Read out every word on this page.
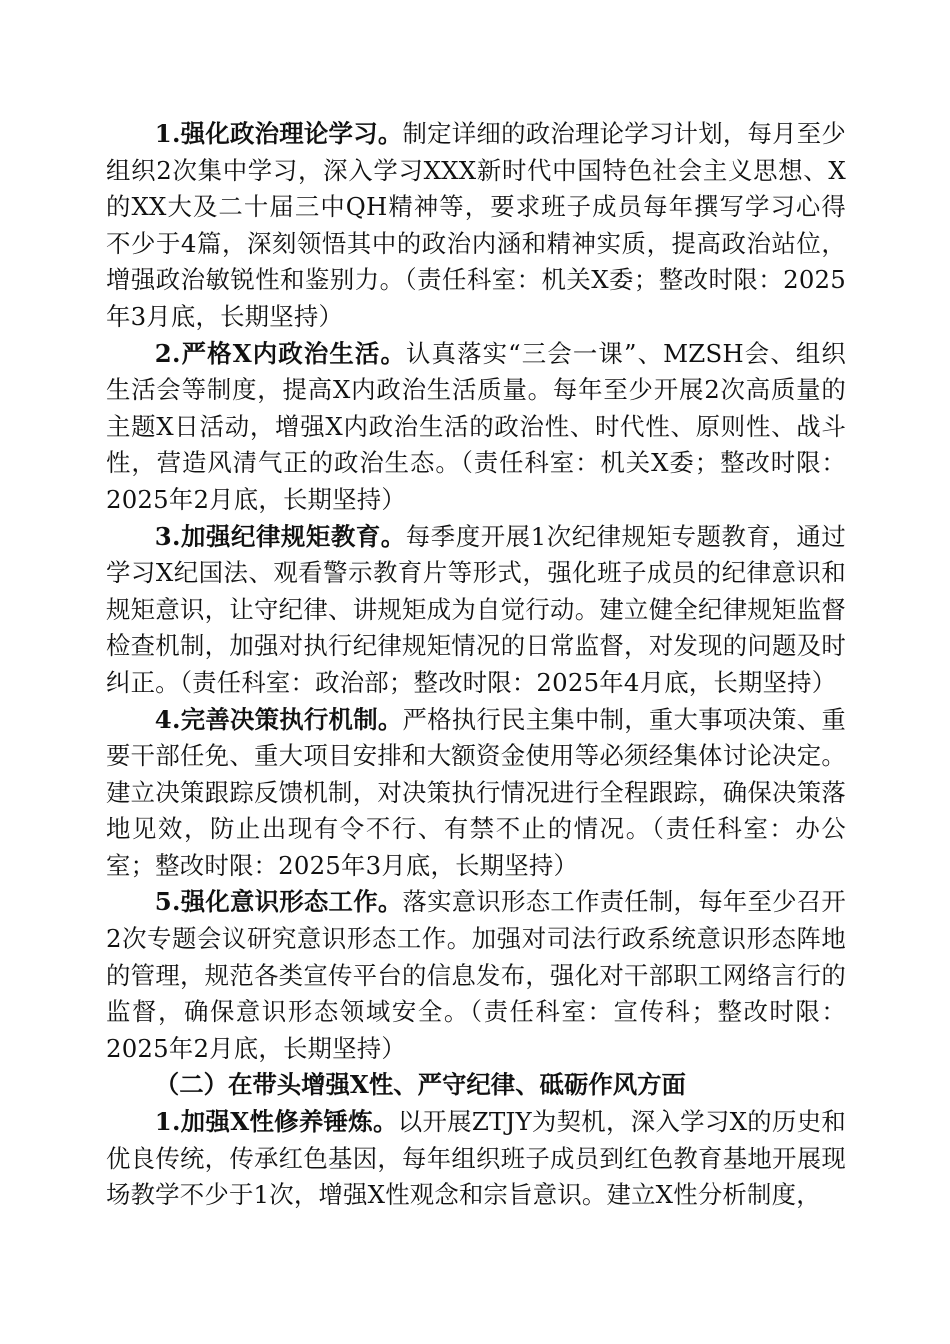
1.强化政治理论学习。制定详细的政治理论学习计划，每月至少组织2次集中学习，深入学习XXX新时代中国特色社会主义思想、X的XX大及二十届三中QH精神等，要求班子成员每年撰写学习心得不少于4篇，深刻领悟其中的政治内涵和精神实质，提高政治站位，增强政治敏锐性和鉴别力。（责任科室：机关X委；整改时限：2025年3月底，长期坚持）

2.严格X内政治生活。认真落实“三会一课”、MZSH会、组织生活会等制度，提高X内政治生活质量。每年至少开展2次高质量的主题X日活动，增强X内政治生活的政治性、时代性、原则性、战斗性，营造风清气正的政治生态。（责任科室：机关X委；整改时限：2025年2月底，长期坚持）

3.加强纪律规矩教育。每季度开展1次纪律规矩专题教育，通过学习X纪国法、观看警示教育片等形式，强化班子成员的纪律意识和规矩意识，让守纪律、讲规矩成为自觉行动。建立健全纪律规矩监督检查机制，加强对执行纪律规矩情况的日常监督，对发现的问题及时纠正。（责任科室：政治部；整改时限：2025年4月底，长期坚持）

4.完善决策执行机制。严格执行民主集中制，重大事项决策、重要干部任免、重大项目安排和大额资金使用等必须经集体讨论决定。建立决策跟踪反馈机制，对决策执行情况进行全程跟踪，确保决策落地见效，防止出现有令不行、有禁不止的情况。（责任科室：办公室；整改时限：2025年3月底，长期坚持）

5.强化意识形态工作。落实意识形态工作责任制，每年至少召开2次专题会议研究意识形态工作。加强对司法行政系统意识形态阵地的管理，规范各类宣传平台的信息发布，强化对干部职工网络言行的监督，确保意识形态领域安全。（责任科室：宣传科；整改时限：2025年2月底，长期坚持）

（二）在带头增强X性、严守纪律、砥砺作风方面

1.加强X性修养锤炼。以开展ZTJY为契机，深入学习X的历史和优良传统，传承红色基因，每年组织班子成员到红色教育基地开展现场教学不少于1次，增强X性观念和宗旨意识。建立X性分析制度，
